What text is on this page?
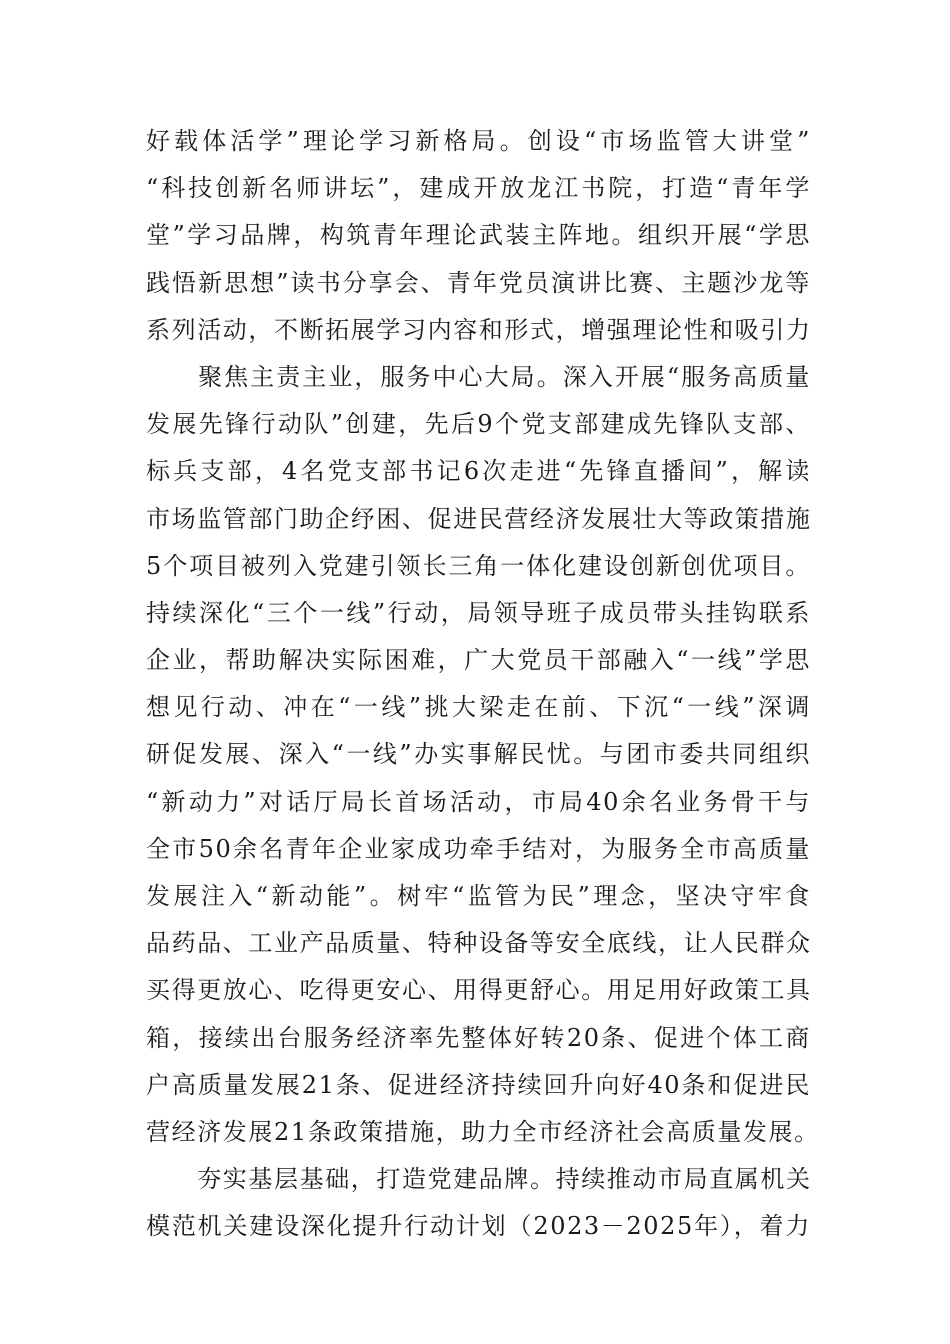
好载体活学”理论学习新格局。创设“市场监管大讲堂”
“科技创新名师讲坛”，建成开放龙江书院，打造“青年学
堂”学习品牌，构筑青年理论武装主阵地。组织开展“学思
践悟新思想”读书分享会、青年党员演讲比赛、主题沙龙等
系列活动，不断拓展学习内容和形式，增强理论性和吸引力
　　聚焦主责主业，服务中心大局。深入开展“服务高质量
发展先锋行动队”创建，先后9个党支部建成先锋队支部、
标兵支部，4名党支部书记6次走进“先锋直播间”，解读
市场监管部门助企纾困、促进民营经济发展壮大等政策措施
5个项目被列入党建引领长三角一体化建设创新创优项目。
持续深化“三个一线”行动，局领导班子成员带头挂钩联系
企业，帮助解决实际困难，广大党员干部融入“一线”学思
想见行动、冲在“一线”挑大梁走在前、下沉“一线”深调
研促发展、深入“一线”办实事解民忧。与团市委共同组织
“新动力”对话厅局长首场活动，市局40余名业务骨干与
全市50余名青年企业家成功牵手结对，为服务全市高质量
发展注入“新动能”。树牢“监管为民”理念，坚决守牢食
品药品、工业产品质量、特种设备等安全底线，让人民群众
买得更放心、吃得更安心、用得更舒心。用足用好政策工具
箱，接续出台服务经济率先整体好转20条、促进个体工商
户高质量发展21条、促进经济持续回升向好40条和促进民
营经济发展21条政策措施，助力全市经济社会高质量发展。
　　夯实基层基础，打造党建品牌。持续推动市局直属机关
模范机关建设深化提升行动计划（2023－2025年），着力
